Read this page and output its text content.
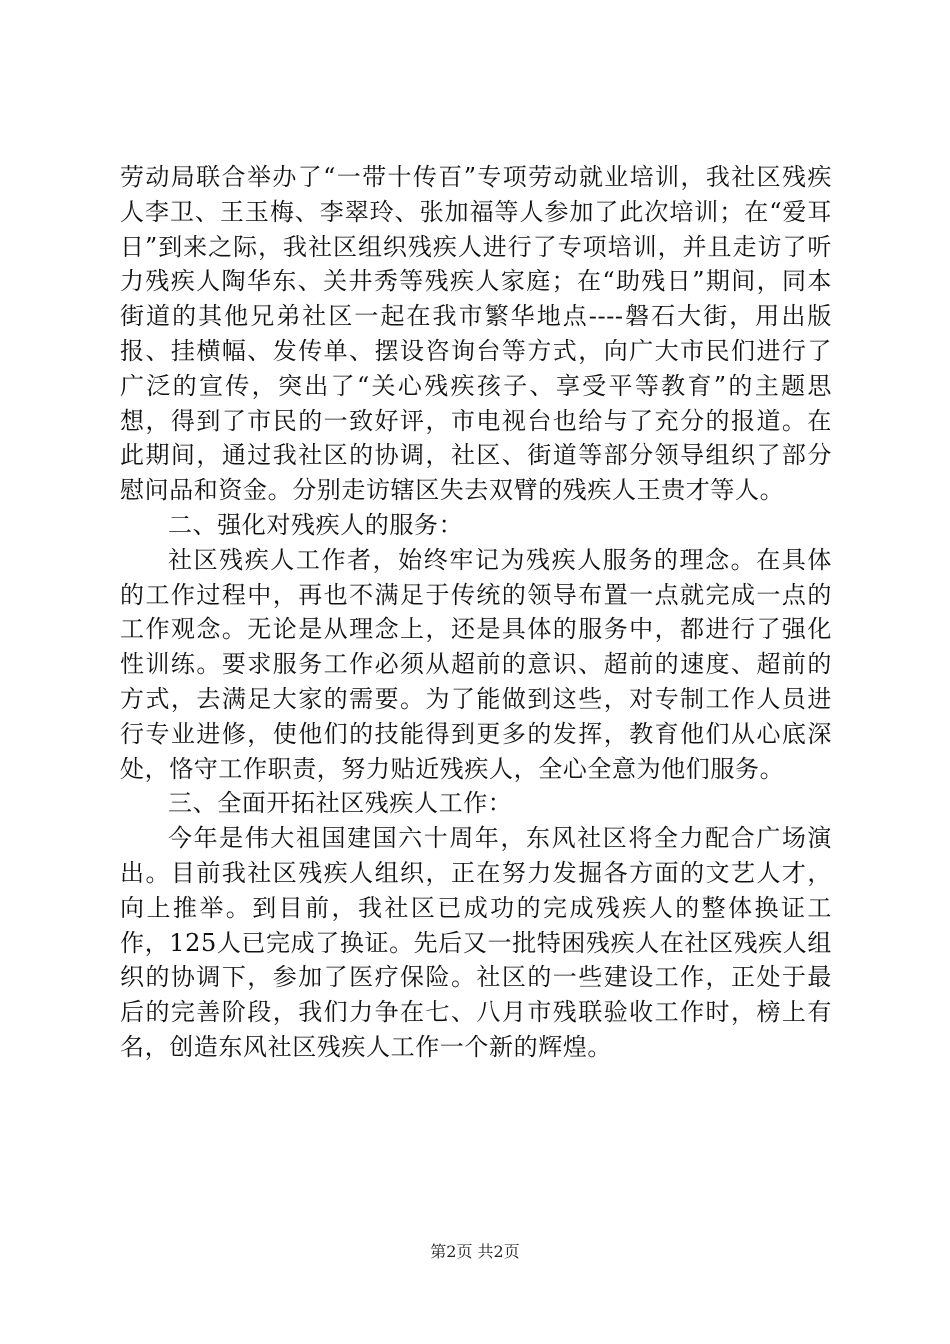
劳动局联合举办了“一带十传百”专项劳动就业培训，我社区残疾人李卫、王玉梅、李翠玲、张加福等人参加了此次培训；在“爱耳日”到来之际，我社区组织残疾人进行了专项培训，并且走访了听力残疾人陶华东、关井秀等残疾人家庭；在“助残日”期间，同本街道的其他兄弟社区一起在我市繁华地点----磐石大街，用出版报、挂横幅、发传单、摆设咨询台等方式，向广大市民们进行了广泛的宣传，突出了“关心残疾孩子、享受平等教育”的主题思想，得到了市民的一致好评，市电视台也给与了充分的报道。在此期间，通过我社区的协调，社区、街道等部分领导组织了部分慰问品和资金。分别走访辖区失去双臂的残疾人王贵才等人。

二、强化对残疾人的服务：

社区残疾人工作者，始终牢记为残疾人服务的理念。在具体的工作过程中，再也不满足于传统的领导布置一点就完成一点的工作观念。无论是从理念上，还是具体的服务中，都进行了强化性训练。要求服务工作必须从超前的意识、超前的速度、超前的方式，去满足大家的需要。为了能做到这些，对专制工作人员进行专业进修，使他们的技能得到更多的发挥，教育他们从心底深处，恪守工作职责，努力贴近残疾人，全心全意为他们服务。

三、全面开拓社区残疾人工作：

今年是伟大祖国建国六十周年，东风社区将全力配合广场演出。目前我社区残疾人组织，正在努力发掘各方面的文艺人才，向上推举。到目前，我社区已成功的完成残疾人的整体换证工作，125人已完成了换证。先后又一批特困残疾人在社区残疾人组织的协调下，参加了医疗保险。社区的一些建设工作，正处于最后的完善阶段，我们力争在七、八月市残联验收工作时，榜上有名，创造东风社区残疾人工作一个新的辉煌。

第2页 共2页
